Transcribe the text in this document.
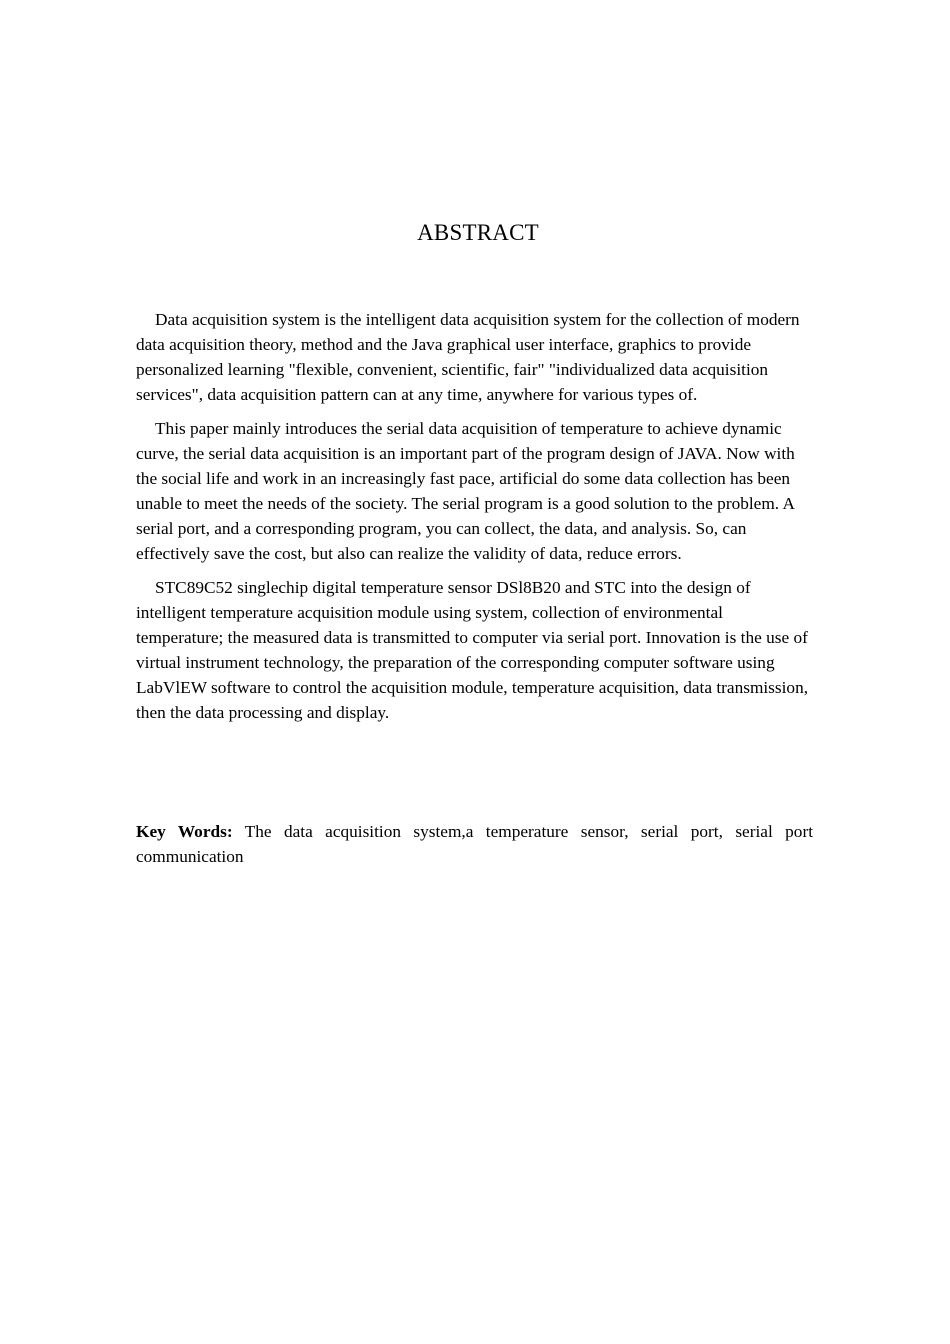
ABSTRACT

Data acquisition system is the intelligent data acquisition system for the collection of modern data acquisition theory, method and the Java graphical user interface, graphics to provide personalized learning "flexible, convenient, scientific, fair" "individualized data acquisition services", data acquisition pattern can at any time, anywhere for various types of.

This paper mainly introduces the serial data acquisition of temperature to achieve dynamic curve, the serial data acquisition is an important part of the program design of JAVA. Now with the social life and work in an increasingly fast pace, artificial do some data collection has been unable to meet the needs of the society. The serial program is a good solution to the problem. A serial port, and a corresponding program, you can collect, the data, and analysis. So, can effectively save the cost, but also can realize the validity of data, reduce errors.

STC89C52 singlechip digital temperature sensor DSl8B20 and STC into the design of intelligent temperature acquisition module using system, collection of environmental temperature; the measured data is transmitted to computer via serial port. Innovation is the use of virtual instrument technology, the preparation of the corresponding computer software using LabVlEW software to control the acquisition module, temperature acquisition, data transmission, then the data processing and display.

Key Words: The data acquisition system,a temperature sensor, serial port, serial port communication
